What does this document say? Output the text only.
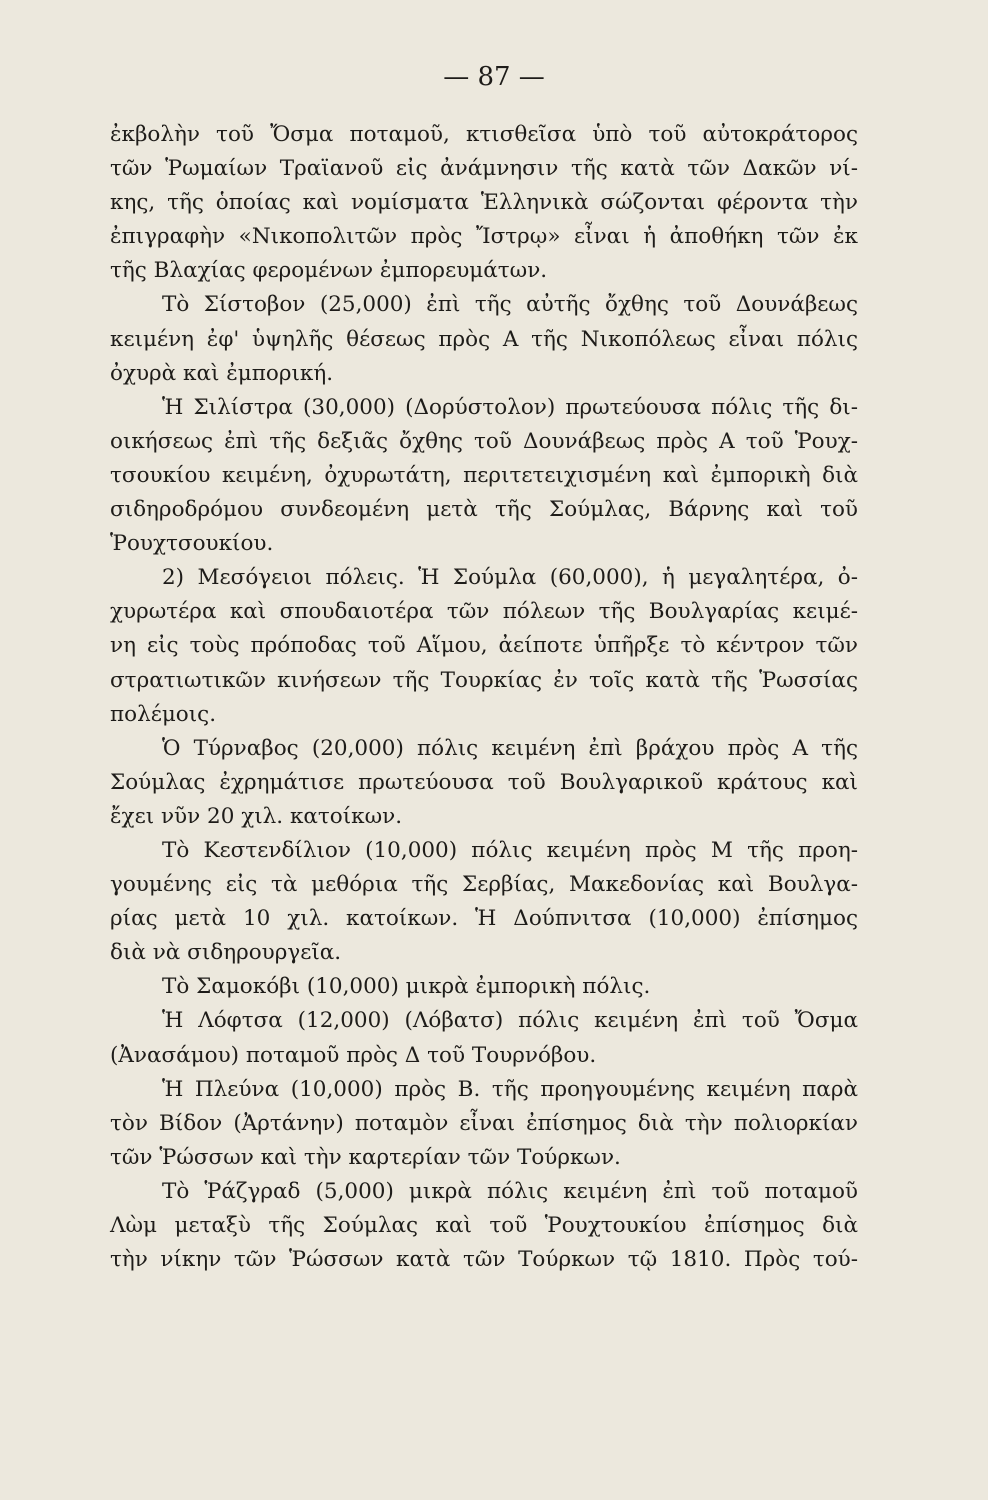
— 87 —
ἐκβολὴν τοῦ Ὄσμα ποταμοῦ, κτισθεῖσα ὑπὸ τοῦ αὐτοκράτορος
τῶν Ῥωμαίων Τραϊανοῦ εἰς ἀνάμνησιν τῆς κατὰ τῶν Δακῶν νί-
κης, τῆς ὁποίας καὶ νομίσματα Ἑλληνικὰ σώζονται φέροντα τὴν
ἐπιγραφὴν «Νικοπολιτῶν πρὸς Ἴστρῳ» εἶναι ἡ ἀποθήκη τῶν ἐκ
τῆς Βλαχίας φερομένων ἐμπορευμάτων.
Τὸ Σίστοβον (25,000) ἐπὶ τῆς αὐτῆς ὄχθης τοῦ Δουνάβεως
κειμένη ἐφ' ὑψηλῆς θέσεως πρὸς Α τῆς Νικοπόλεως εἶναι πόλις
ὀχυρὰ καὶ ἐμπορική.
Ἡ Σιλίστρα (30,000) (Δορύστολον) πρωτεύουσα πόλις τῆς δι-
οικήσεως ἐπὶ τῆς δεξιᾶς ὄχθης τοῦ Δουνάβεως πρὸς Α τοῦ Ῥουχ-
τσουκίου κειμένη, ὀχυρωτάτη, περιτετειχισμένη καὶ ἐμπορικὴ διὰ
σιδηροδρόμου συνδεομένη μετὰ τῆς Σούμλας, Βάρνης καὶ τοῦ
Ῥουχτσουκίου.
2) Μεσόγειοι πόλεις. Ἡ Σούμλα (60,000), ἡ μεγαλητέρα, ὀ-
χυρωτέρα καὶ σπουδαιοτέρα τῶν πόλεων τῆς Βουλγαρίας κειμέ-
νη εἰς τοὺς πρόποδας τοῦ Αἵμου, ἀείποτε ὑπῆρξε τὸ κέντρον τῶν
στρατιωτικῶν κινήσεων τῆς Τουρκίας ἐν τοῖς κατὰ τῆς Ῥωσσίας
πολέμοις.
Ὁ Τύρναβος (20,000) πόλις κειμένη ἐπὶ βράχου πρὸς Α τῆς
Σούμλας ἐχρημάτισε πρωτεύουσα τοῦ Βουλγαρικοῦ κράτους καὶ
ἔχει νῦν 20 χιλ. κατοίκων.
Τὸ Κεστενδίλιον (10,000) πόλις κειμένη πρὸς Μ τῆς προη-
γουμένης εἰς τὰ μεθόρια τῆς Σερβίας, Μακεδονίας καὶ Βουλγα-
ρίας μετὰ 10 χιλ. κατοίκων. Ἡ Δούπνιτσα (10,000) ἐπίσημος
διὰ νὰ σιδηρουργεῖα.
Τὸ Σαμοκόβι (10,000) μικρὰ ἐμπορικὴ πόλις.
Ἡ Λόφτσα (12,000) (Λόβατσ) πόλις κειμένη ἐπὶ τοῦ Ὄσμα
(Ἀνασάμου) ποταμοῦ πρὸς Δ τοῦ Τουρνόβου.
Ἡ Πλεύνα (10,000) πρὸς Β. τῆς προηγουμένης κειμένη παρὰ
τὸν Βίδον (Ἀρτάνην) ποταμὸν εἶναι ἐπίσημος διὰ τὴν πολιορκίαν
τῶν Ῥώσσων καὶ τὴν καρτερίαν τῶν Τούρκων.
Τὸ Ῥάζγραδ (5,000) μικρὰ πόλις κειμένη ἐπὶ τοῦ ποταμοῦ
Λὼμ μεταξὺ τῆς Σούμλας καὶ τοῦ Ῥουχτουκίου ἐπίσημος διὰ
τὴν νίκην τῶν Ῥώσσων κατὰ τῶν Τούρκων τῷ 1810. Πρὸς τού-
